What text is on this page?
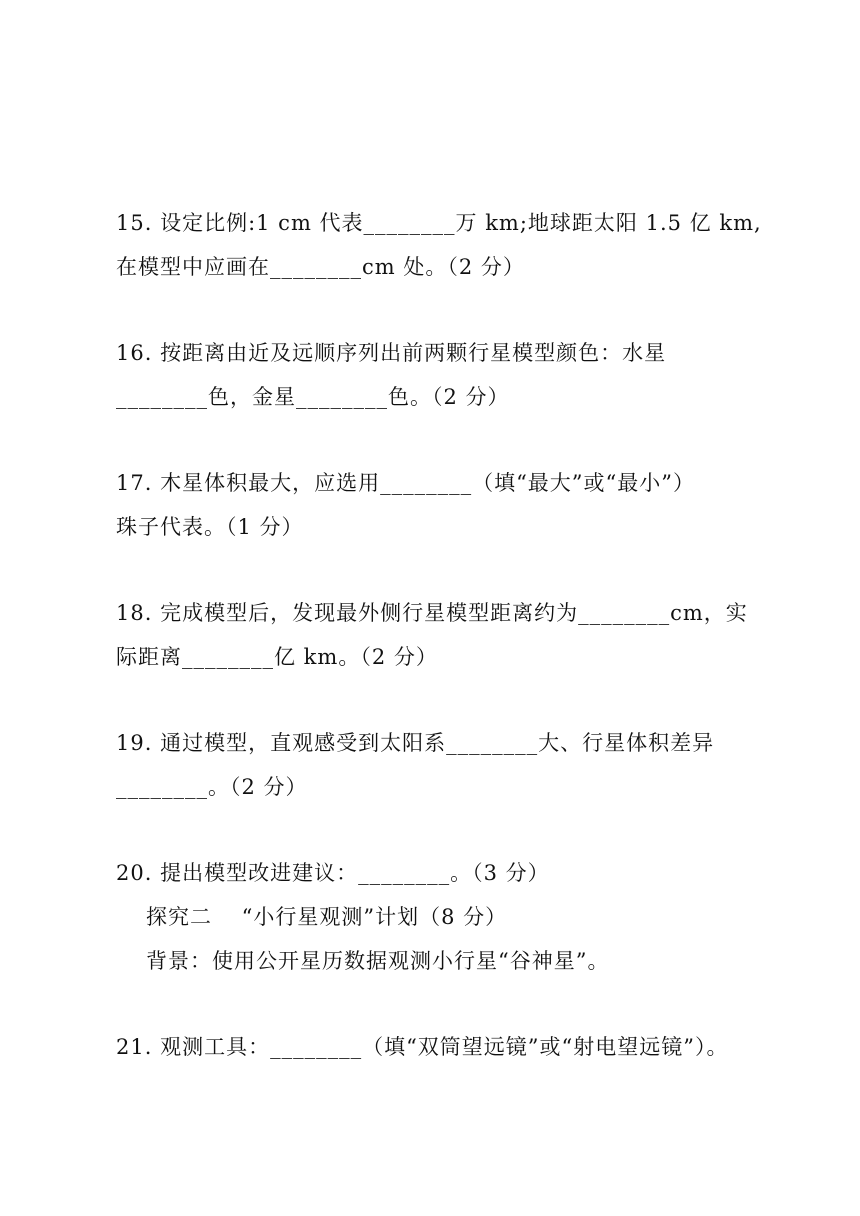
15. 设定比例:1 cm 代表________万 km;地球距太阳 1.5 亿 km,
在模型中应画在________cm 处。（2 分）
16. 按距离由近及远顺序列出前两颗行星模型颜色：水星
________色，金星________色。（2 分）
17. 木星体积最大，应选用________（填“最大”或“最小”）
珠子代表。（1 分）
18. 完成模型后，发现最外侧行星模型距离约为________cm，实
际距离________亿 km。（2 分）
19. 通过模型，直观感受到太阳系________大、行星体积差异
________。（2 分）
20. 提出模型改进建议：________。（3 分）
探究二　 “小行星观测”计划（8 分）
背景：使用公开星历数据观测小行星“谷神星”。
21. 观测工具：________（填“双筒望远镜”或“射电望远镜”）。
